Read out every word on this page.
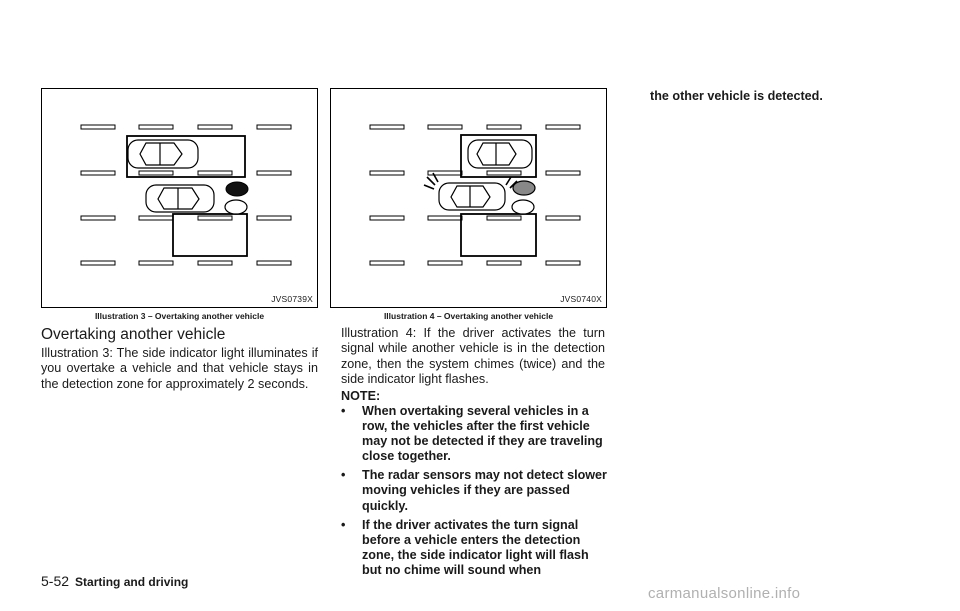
JVS0739X
Illustration 3 – Overtaking another vehicle
JVS0740X
Illustration 4 – Overtaking another vehicle
Overtaking another vehicle

Illustration 3: The side indicator light illuminates if you overtake a vehicle and that vehicle stays in the detection zone for approximately 2 seconds.

Illustration 4: If the driver activates the turn signal while another vehicle is in the detection zone, then the system chimes (twice) and the side indicator light flashes.

NOTE:
• When overtaking several vehicles in a row, the vehicles after the first vehicle may not be detected if they are traveling close together.
• The radar sensors may not detect slower moving vehicles if they are passed quickly.
• If the driver activates the turn signal before a vehicle enters the detection zone, the side indicator light will flash but no chime will sound when
the other vehicle is detected.
5-52 Starting and driving
carmanualsonline.info
